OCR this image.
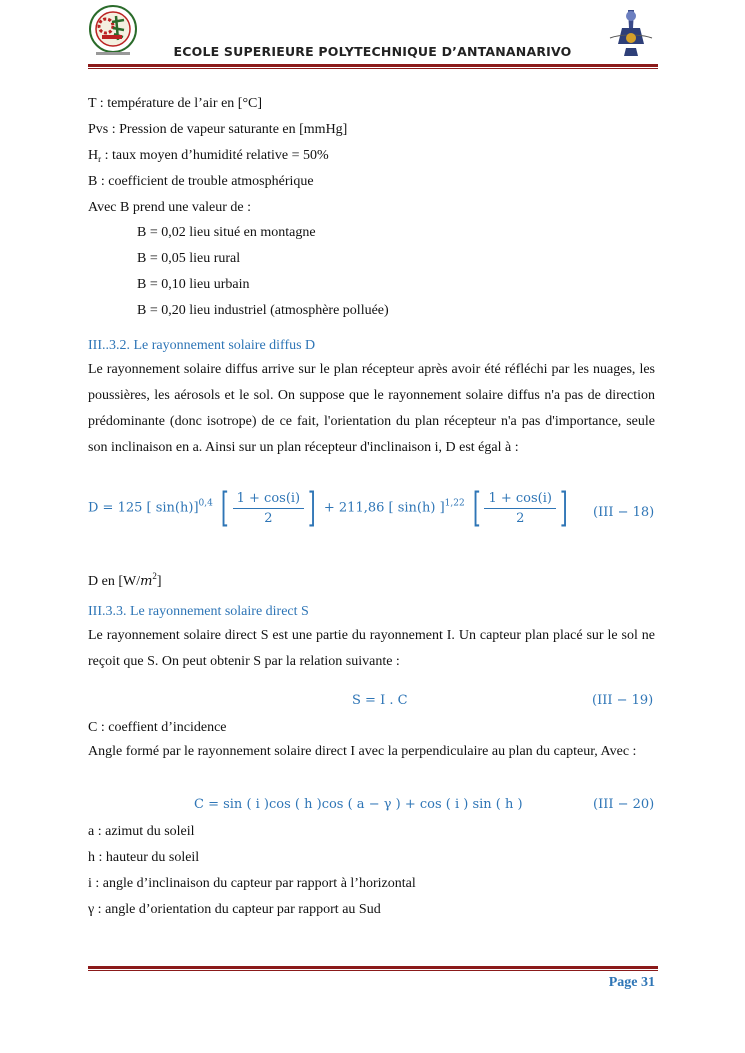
ECOLE SUPERIEURE POLYTECHNIQUE D’ANTANANARIVO
T : température de l’air en [°C]
Pvs : Pression de vapeur saturante en [mmHg]
$H_r$ : taux moyen d’humidité relative = 50%
B : coefficient de trouble atmosphérique
Avec B prend une valeur de :
B = 0,02 lieu situé en montagne
B = 0,05 lieu rural
B = 0,10 lieu urbain
B = 0,20 lieu industriel (atmosphère polluée)
III..3.2. Le rayonnement solaire diffus D
Le rayonnement solaire diffus arrive sur le plan récepteur après avoir été réfléchi par les nuages, les poussières, les aérosols et le sol. On suppose que le rayonnement solaire diffus n'a pas de direction prédominante (donc isotrope) de ce fait, l'orientation du plan récepteur n'a pas d'importance, seule son inclinaison en a. Ainsi sur un plan récepteur d'inclinaison i, D est égal à :
D = 125 [ sin(h)]$^{0,4}$ [ $\frac{1 + \cos(i)}{2}$ ] + 211,86 [ sin(h) ]$^{1,22}$ [ $\frac{1 + \cos(i)}{2}$ ]	(III − 18)
D en $[W/m^2]$
III.3.3. Le rayonnement solaire direct S
Le rayonnement solaire direct S est une partie du rayonnement I. Un capteur plan placé sur le sol ne reçoit que S. On peut obtenir S par la relation suivante :
S = I . C	(III − 19)
C : coeffient d’incidence
Angle formé par le rayonnement solaire direct I avec la perpendiculaire au plan du capteur, Avec :
C = sin ( i )cos ( h )cos ( a − γ ) + cos ( i ) sin ( h )	(III − 20)
a : azimut du soleil
h : hauteur du soleil
i : angle d’inclinaison du capteur par rapport à l’horizontal
γ : angle d’orientation du capteur par rapport au Sud
Page 31
